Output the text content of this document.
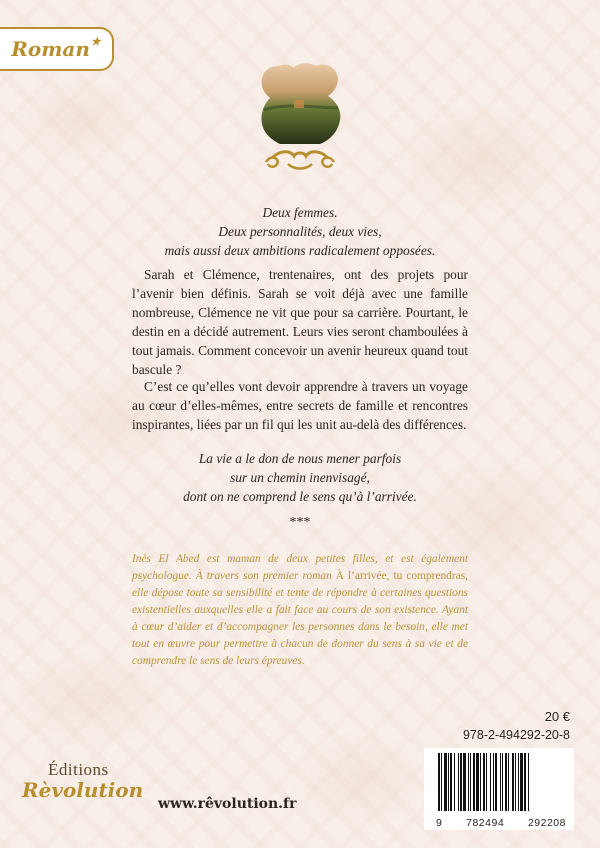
Roman ★
Deux femmes.
Deux personnalités, deux vies,
mais aussi deux ambitions radicalement opposées.
Sarah et Clémence, trentenaires, ont des projets pour l’avenir bien définis. Sarah se voit déjà avec une famille nombreuse, Clémence ne vit que pour sa carrière. Pourtant, le destin en a décidé autrement. Leurs vies seront chamboulées à tout jamais. Comment concevoir un avenir heureux quand tout bascule ?
C’est ce qu’elles vont devoir apprendre à travers un voyage au cœur d’elles-mêmes, entre secrets de famille et rencontres inspirantes, liées par un fil qui les unit au-delà des différences.
La vie a le don de nous mener parfois
sur un chemin inenvisagé,
dont on ne comprend le sens qu’à l’arrivée.
***
Inès El Abed est maman de deux petites filles, et est également psychologue. À travers son premier roman À l’arrivée, tu comprendras, elle dépose toute sa sensibilité et tente de répondre à certaines questions existentielles auxquelles elle a fait face au cours de son existence. Ayant à cœur d’aider et d’accompagner les personnes dans le besoin, elle met tout en œuvre pour permettre à chacun de donner du sens à sa vie et de comprendre le sens de leurs épreuves.
20 €
978-2-494292-20-8
9 782494 292208
Éditions
Rèvolution
www.rêvolution.fr
